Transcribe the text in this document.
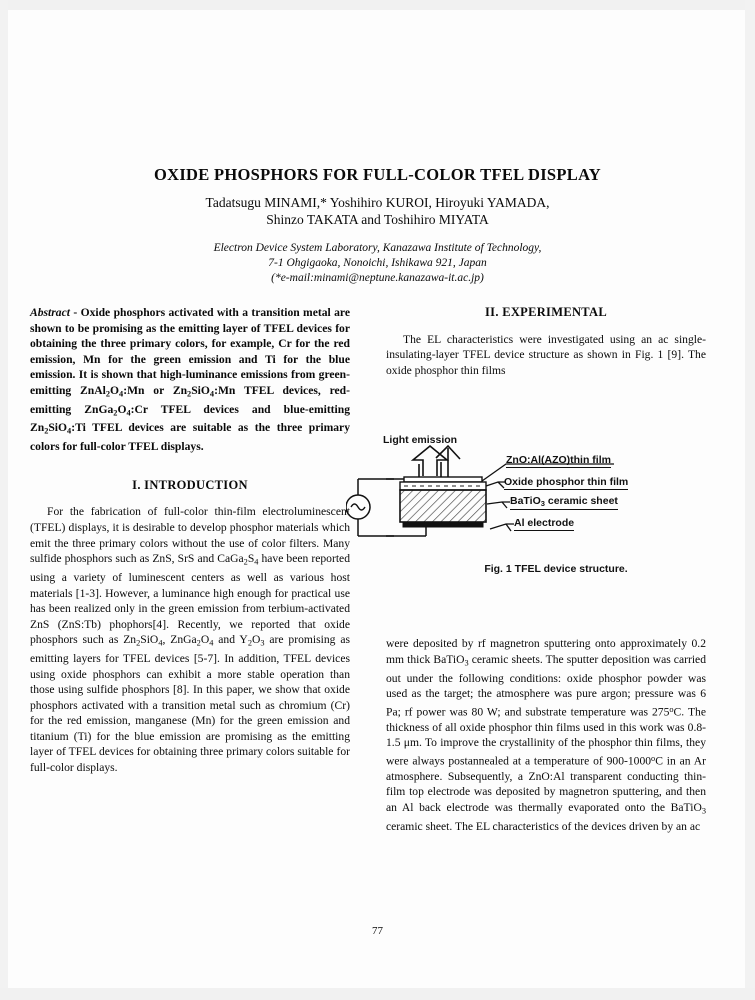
OXIDE PHOSPHORS FOR FULL-COLOR TFEL DISPLAY
Tadatsugu MINAMI,* Yoshihiro KUROI, Hiroyuki YAMADA,
Shinzo TAKATA and Toshihiro MIYATA
Electron Device System Laboratory, Kanazawa Institute of Technology,
7-1 Ohgigaoka, Nonoichi, Ishikawa 921, Japan
(*e-mail:minami@neptune.kanazawa-it.ac.jp)

Abstract - Oxide phosphors activated with a transition metal are shown to be promising as the emitting layer of TFEL devices for obtaining the three primary colors, for example, Cr for the red emission, Mn for the green emission and Ti for the blue emission. It is shown that high-luminance emissions from green-emitting $ZnAl_2O_4:Mn$ or $Zn_2SiO_4:Mn$ TFEL devices, red-emitting $ZnGa_2O_4:Cr$ TFEL devices and blue-emitting $Zn_2SiO_4:Ti$ TFEL devices are suitable as the three primary colors for full-color TFEL displays.

I. INTRODUCTION

For the fabrication of full-color thin-film electroluminescent (TFEL) displays, it is desirable to develop phosphor materials which emit the three primary colors without the use of color filters. Many sulfide phosphors such as ZnS, SrS and $CaGa_2S_4$ have been reported using a variety of luminescent centers as well as various host materials [1-3]. However, a luminance high enough for practical use has been realized only in the green emission from terbium-activated ZnS (ZnS:Tb) phophors[4]. Recently, we reported that oxide phosphors such as $Zn_2SiO_4$, $ZnGa_2O_4$ and $Y_2O_3$ are promising as emitting layers for TFEL devices [5-7]. In addition, TFEL devices using oxide phosphors can exhibit a more stable operation than those using sulfide phosphors [8]. In this paper, we show that oxide phosphors activated with a transition metal such as chromium (Cr) for the red emission, manganese (Mn) for the green emission and titanium (Ti) for the blue emission are promising as the emitting layer of TFEL devices for obtaining three primary colors suitable for full-color displays.

II. EXPERIMENTAL

The EL characteristics were investigated using an ac single-insulating-layer TFEL device structure as shown in Fig. 1 [9]. The oxide phosphor thin films

were deposited by rf magnetron sputtering onto approximately 0.2 mm thick BaTiO$_3$ ceramic sheets. The sputter deposition was carried out under the following conditions: oxide phosphor powder was used as the target; the atmosphere was pure argon; pressure was 6 Pa; rf power was 80 W; and substrate temperature was 275$^o$C. The thickness of all oxide phosphor thin films used in this work was 0.8-1.5 μm. To improve the crystallinity of the phosphor thin films, they were always postannealed at a temperature of 900-1000$^o$C in an Ar atmosphere. Subsequently, a ZnO:Al transparent conducting thin-film top electrode was deposited by magnetron sputtering, and then an Al back electrode was thermally evaporated onto the BaTiO$_3$ ceramic sheet. The EL characteristics of the devices driven by an ac

Light emission
ZnO:Al(AZO)thin film
Oxide phosphor thin film
BaTiO$_3$ ceramic sheet
Al electrode
Fig. 1 TFEL device structure.
77
